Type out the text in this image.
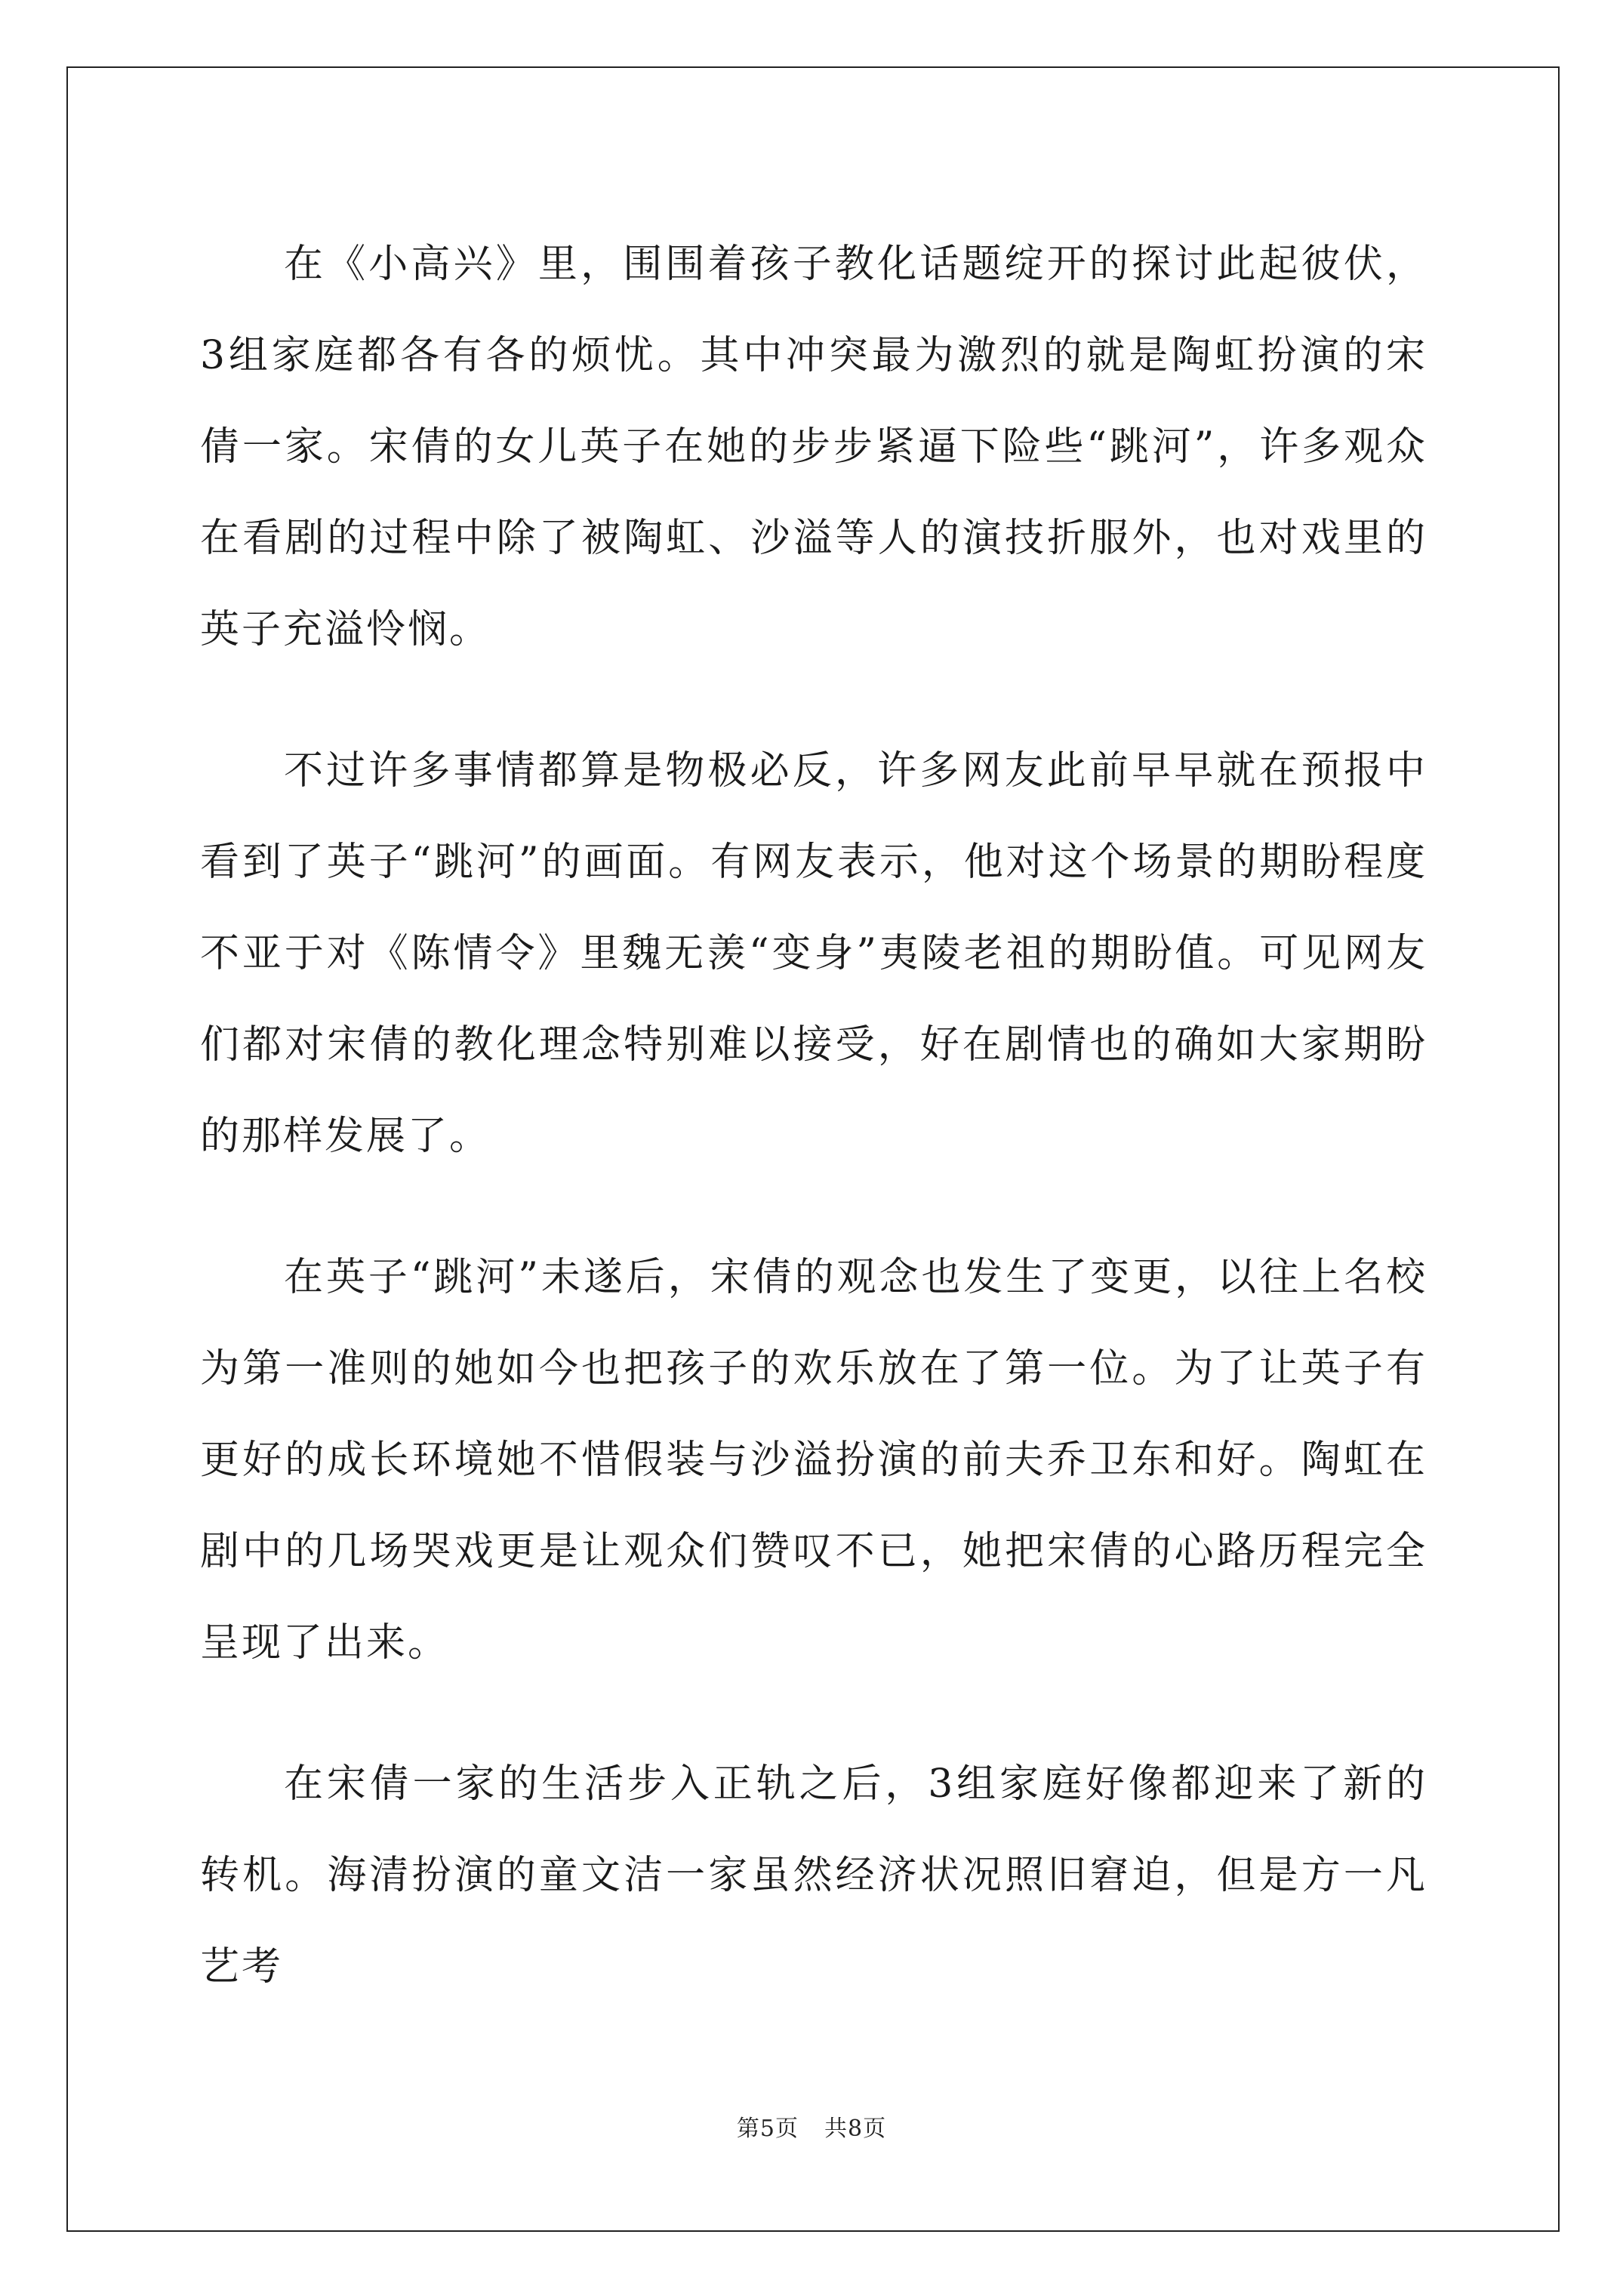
在《小高兴》里，围围着孩子教化话题绽开的探讨此起彼伏，3组家庭都各有各的烦忧。其中冲突最为激烈的就是陶虹扮演的宋倩一家。宋倩的女儿英子在她的步步紧逼下险些“跳河”，许多观众在看剧的过程中除了被陶虹、沙溢等人的演技折服外，也对戏里的英子充溢怜悯。

不过许多事情都算是物极必反，许多网友此前早早就在预报中看到了英子“跳河”的画面。有网友表示，他对这个场景的期盼程度不亚于对《陈情令》里魏无羡“变身”夷陵老祖的期盼值。可见网友们都对宋倩的教化理念特别难以接受，好在剧情也的确如大家期盼的那样发展了。

在英子“跳河”未遂后，宋倩的观念也发生了变更，以往上名校为第一准则的她如今也把孩子的欢乐放在了第一位。为了让英子有更好的成长环境她不惜假装与沙溢扮演的前夫乔卫东和好。陶虹在剧中的几场哭戏更是让观众们赞叹不已，她把宋倩的心路历程完全呈现了出来。

在宋倩一家的生活步入正轨之后，3组家庭好像都迎来了新的转机。海清扮演的童文洁一家虽然经济状况照旧窘迫，但是方一凡艺考

第5页 共8页
